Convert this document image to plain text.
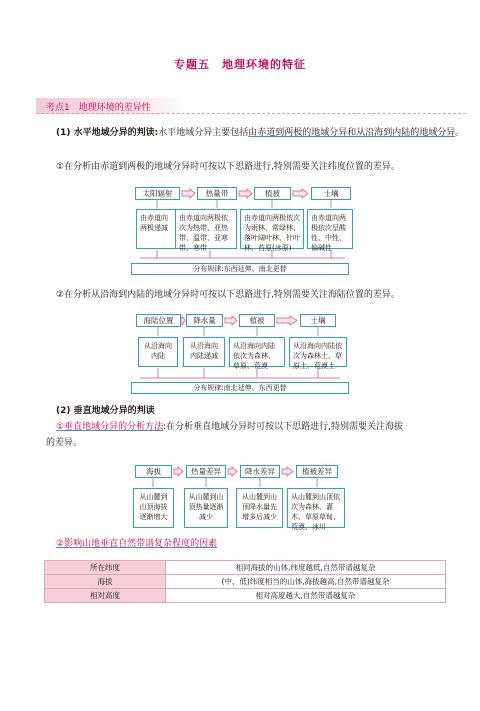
专题五　地理环境的特征
考点1　地理环境的差异性
(1) 水平地域分异的判读:水平地域分异主要包括由赤道到两极的地域分异和从沿海到内陆的地域分异。
①在分析由赤道到两极的地域分异时可按以下思路进行,特别需要关注纬度位置的差异。
太阳辐射	热量带	植被	土壤
由赤道向两极递减
由赤道向两极依次为热带、亚热带、温带、亚寒带、寒带
由赤道向两极依次为雨林、常绿林、落叶阔叶林、针叶林、苔原(冰原)
由赤道向两极依次呈酸性、中性、偏碱性
分布规律:东西延伸、南北更替
②在分析从沿海到内陆的地域分异时可按以下思路进行,特别需要关注海陆位置的差异。
海陆位置	降水量	植被	土壤
从沿海向内陆
从沿海向内陆递减
从沿海向内陆依次为森林、草原、荒漠
从沿海向内陆依次为森林土、草原土、荒漠土
分布规律:南北延伸、东西更替
(2) 垂直地域分异的判读
①垂直地域分异的分析方法:在分析垂直地域分异时可按以下思路进行,特别需要关注海拔
的差异。
海拔	热量差异	降水差异	植被差异
从山麓到山顶海拔逐渐增大
从山麓到山顶热量逐渐减少
从山麓到山顶降水量先增多后减少
从山麓到山顶依次为森林、灌木、草原草甸、荒漠、冰川
②影响山地垂直自然带谱复杂程度的因素
所在纬度	相同海拔的山体,纬度越低,自然带谱越复杂
海拔	(中、低)纬度相当的山体,海拔越高,自然带谱越复杂
相对高度	相对高度越大,自然带谱越复杂
